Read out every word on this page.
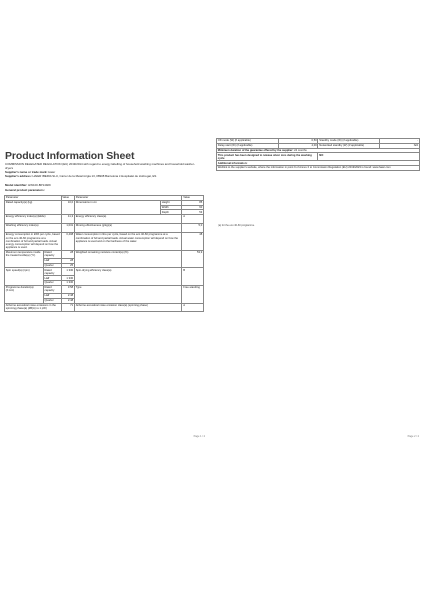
Product Information Sheet
COMMISSION DELEGATED REGULATION (EU) 2019/2014 with regard to energy labelling of household washing machines and household washer-dryers
Supplier's name or trade mark: Haier
Supplier's address: HAIER IBERIA SLU, Carrer de la Metal·lúrgia 13, 08908 Barcelona L'Hospitalet de Llobregat, ES
Model identifier: HW100-BP14929
General product parameters:
Parameter		Value	Parameter		Value
Rated capacity(a) (kg)		10,0	Dimensions in cm	Height	85
				Width	60
				Depth	53
Energy efficiency index(a) (EEIw)		41,3	Energy efficiency class(a)		A
Washing efficiency index(a)		1,031	Rinsing effectiveness (g/kg)(a)		5,0
Energy consumption in kWh per cycle, based on the eco 40-60 programme at a combination of full and partial loads. Actual energy consumption will depend on how the appliance is used.		0,408	Water consumption in litre per cycle, based on the eco 40-60 programme at a combination of full and partial loads. Actual water consumption will depend on how the appliance is used and on the hardness of the water.		48
Maximum temperature inside the treated textile(a) (°C)	Rated capacity	28	Weighted remaining moisture content(a) (%)		53,9
	Half	28			
	Quarter	25			
Spin speed(a) (rpm)	Rated capacity	1 330	Spin-drying efficiency class(a)		B
	Half	1 330			
	Quarter	1 330			
Programme duration(a) (h:min)	Rated capacity	3:58	Type		Free-standing
	Half	2:48			
	Quarter	2:48			
Airborne acoustical noise emissions in the spinning phase(a) (dB(A) re 1 pW)		71	Airborne acoustical noise emission class(a) (spinning phase)		A
Page 1 / 2
Off-mode (W) (if applicable)	0,50	Standby mode (W) (if applicable)	-
Delay start (W) (if applicable)	4,00	Networked standby (W) (if applicable)	N/A
Minimum duration of the guarantee offered by the supplier: 24 months			
This product has been designed to release silver ions during the washing cycle		NO	
Additional information:			
Weblink to the supplier's website, where the information in point 9 of Annex II to Commission Regulation (EU) 2019/2023 is found: www.haier.com			
(a) for the eco 40-60 programme.
Page 2 / 2
